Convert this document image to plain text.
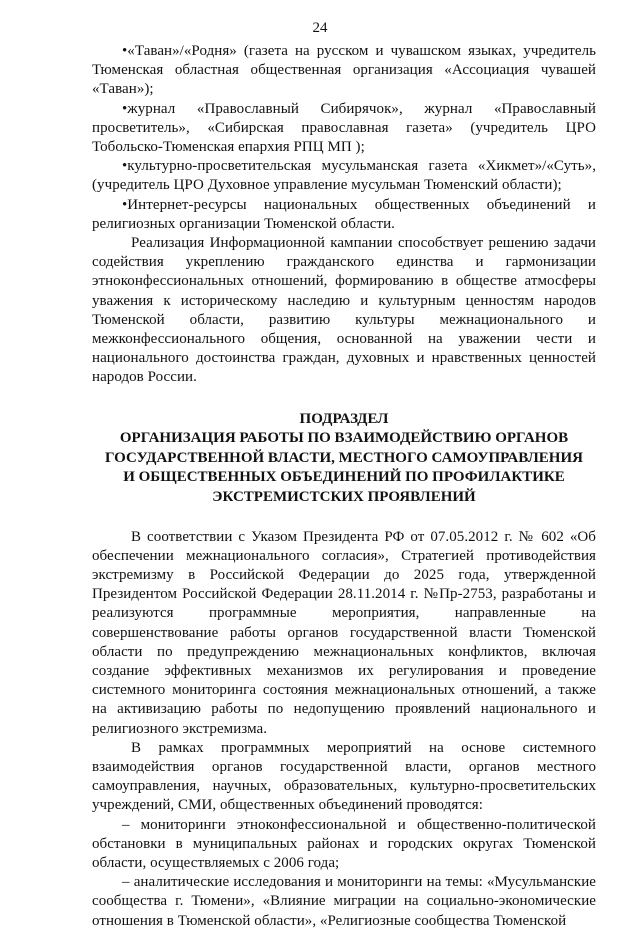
24

•«Таван»/«Родня» (газета на русском и чувашском языках, учредитель Тюменская областная общественная организация «Ассоциация чувашей «Таван»);

•журнал «Православный Сибирячок», журнал «Православный просветитель», «Сибирская православная газета» (учредитель ЦРО Тобольско-Тюменская епархия РПЦ МП );

•культурно-просветительская мусульманская газета «Хикмет»/«Суть», (учредитель ЦРО Духовное управление мусульман Тюменский области);

•Интернет-ресурсы национальных общественных объединений и религиозных организации Тюменской области.

Реализация Информационной кампании способствует решению задачи содействия укреплению гражданского единства и гармонизации этноконфессиональных отношений, формированию в обществе атмосферы уважения к историческому наследию и культурным ценностям народов Тюменской области, развитию культуры межнационального и межконфессионального общения, основанной на уважении чести и национального достоинства граждан, духовных и нравственных ценностей народов России.

ПОДРАЗДЕЛ
ОРГАНИЗАЦИЯ РАБОТЫ ПО ВЗАИМОДЕЙСТВИЮ ОРГАНОВ
ГОСУДАРСТВЕННОЙ ВЛАСТИ, МЕСТНОГО САМОУПРАВЛЕНИЯ
И ОБЩЕСТВЕННЫХ ОБЪЕДИНЕНИЙ ПО ПРОФИЛАКТИКЕ
ЭКСТРЕМИСТСКИХ ПРОЯВЛЕНИЙ

В соответствии с Указом Президента РФ от 07.05.2012 г. № 602 «Об обеспечении межнационального согласия», Стратегией противодействия экстремизму в Российской Федерации до 2025 года, утвержденной Президентом Российской Федерации 28.11.2014 г. №Пр-2753, разработаны и реализуются программные мероприятия, направленные на совершенствование работы органов государственной власти Тюменской области по предупреждению межнациональных конфликтов, включая создание эффективных механизмов их регулирования и проведение системного мониторинга состояния межнациональных отношений, а также на активизацию работы по недопущению проявлений национального и религиозного экстремизма.

В рамках программных мероприятий на основе системного взаимодействия органов государственной власти, органов местного самоуправления, научных, образовательных, культурно-просветительских учреждений, СМИ, общественных объединений проводятся:

– мониторинги этноконфессиональной и общественно-политической обстановки в муниципальных районах и городских округах Тюменской области, осуществляемых с 2006 года;

– аналитические исследования и мониторинги на темы: «Мусульманские сообщества г. Тюмени», «Влияние миграции на социально-экономические отношения в Тюменской области», «Религиозные сообщества Тюменской
